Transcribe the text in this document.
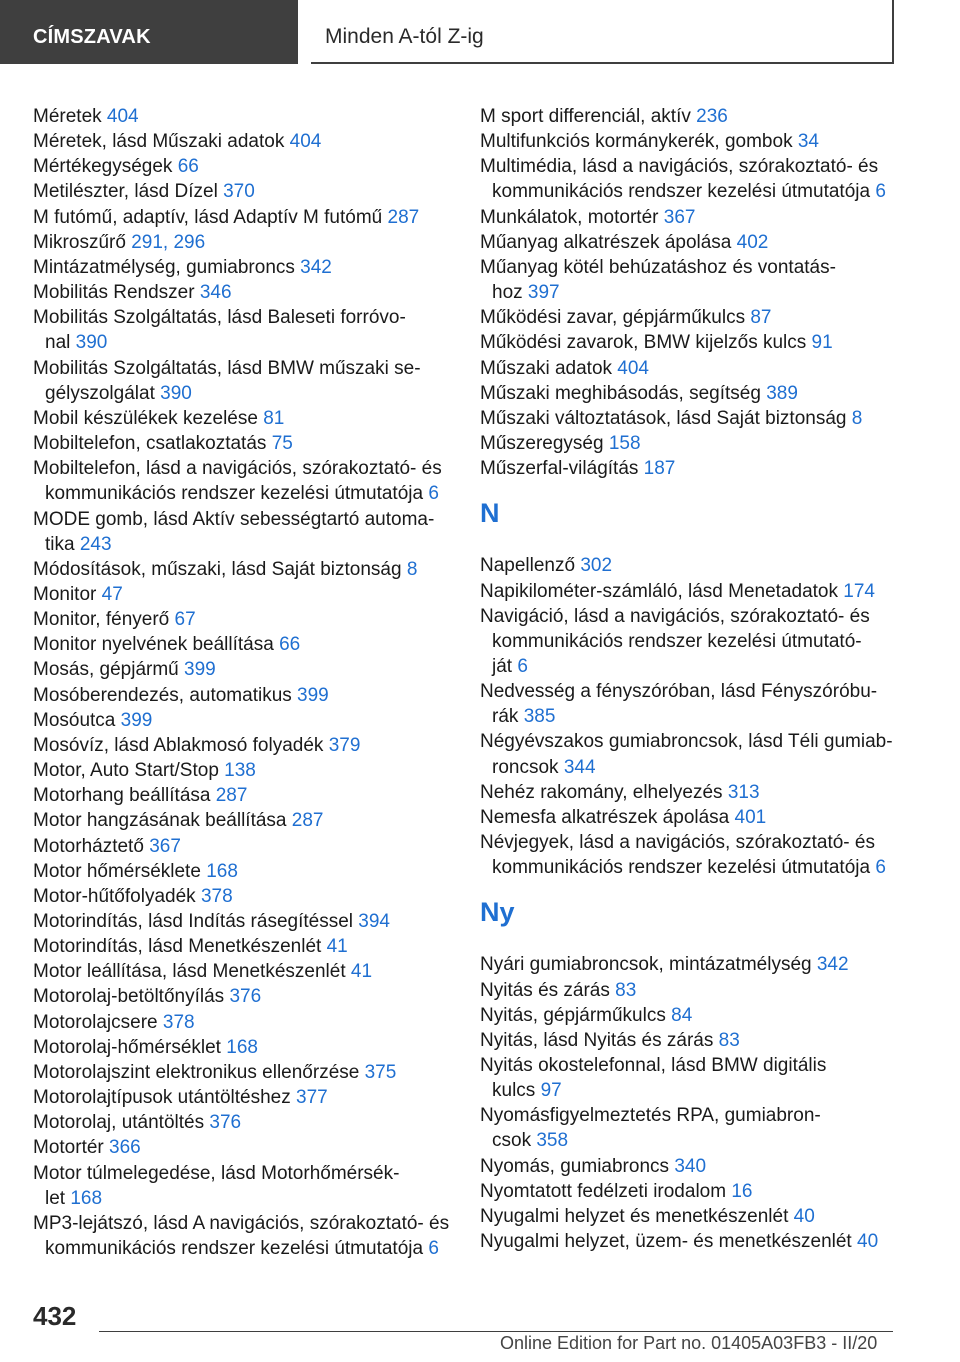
CÍMSZAVAK	Minden A-tól Z-ig
Méretek 404
Méretek, lásd Műszaki adatok 404
Mértékegységek 66
Metilészter, lásd Dízel 370
M futómű, adaptív, lásd Adaptív M futómű 287
Mikroszűrő 291, 296
Mintázatmélység, gumiabroncs 342
Mobilitás Rendszer 346
Mobilitás Szolgáltatás, lásd Baleseti forróvo‐
nal 390
Mobilitás Szolgáltatás, lásd BMW műszaki se‐
gélyszolgálat 390
Mobil készülékek kezelése 81
Mobiltelefon, csatlakoztatás 75
Mobiltelefon, lásd a navigációs, szórakoztató- és
kommunikációs rendszer kezelési útmutatója 6
MODE gomb, lásd Aktív sebességtartó automa‐
tika 243
Módosítások, műszaki, lásd Saját biztonság 8
Monitor 47
Monitor, fényerő 67
Monitor nyelvének beállítása 66
Mosás, gépjármű 399
Mosóberendezés, automatikus 399
Mosóutca 399
Mosóvíz, lásd Ablakmosó folyadék 379
Motor, Auto Start/Stop 138
Motorhang beállítása 287
Motor hangzásának beállítása 287
Motorháztető 367
Motor hőmérséklete 168
Motor-hűtőfolyadék 378
Motorindítás, lásd Indítás rásegítéssel 394
Motorindítás, lásd Menetkészenlét 41
Motor leállítása, lásd Menetkészenlét 41
Motorolaj-betöltőnyílás 376
Motorolajcsere 378
Motorolaj-hőmérséklet 168
Motorolajszint elektronikus ellenőrzése 375
Motorolajtípusok utántöltéshez 377
Motorolaj, utántöltés 376
Motortér 366
Motor túlmelegedése, lásd Motorhőmérsék‐
let 168
MP3-lejátszó, lásd A navigációs, szórakoztató- és
kommunikációs rendszer kezelési útmutatója 6
M sport differenciál, aktív 236
Multifunkciós kormánykerék, gombok 34
Multimédia, lásd a navigációs, szórakoztató- és
kommunikációs rendszer kezelési útmutatója 6
Munkálatok, motortér 367
Műanyag alkatrészek ápolása 402
Műanyag kötél behúzatáshoz és vontatás‐
hoz 397
Működési zavar, gépjárműkulcs 87
Működési zavarok, BMW kijelzős kulcs 91
Műszaki adatok 404
Műszaki meghibásodás, segítség 389
Műszaki változtatások, lásd Saját biztonság 8
Műszeregység 158
Műszerfal-világítás 187
N
Napellenző 302
Napikilométer-számláló, lásd Menetadatok 174
Navigáció, lásd a navigációs, szórakoztató- és
kommunikációs rendszer kezelési útmutató‐
ját 6
Nedvesség a fényszóróban, lásd Fényszóróbu‐
rák 385
Négyévszakos gumiabroncsok, lásd Téli gumiab‐
roncsok 344
Nehéz rakomány, elhelyezés 313
Nemesfa alkatrészek ápolása 401
Névjegyek, lásd a navigációs, szórakoztató- és
kommunikációs rendszer kezelési útmutatója 6
Ny
Nyári gumiabroncsok, mintázatmélység 342
Nyitás és zárás 83
Nyitás, gépjárműkulcs 84
Nyitás, lásd Nyitás és zárás 83
Nyitás okostelefonnal, lásd BMW digitális
kulcs 97
Nyomásfigyelmeztetés RPA, gumiabron‐
csok 358
Nyomás, gumiabroncs 340
Nyomtatott fedélzeti irodalom 16
Nyugalmi helyzet és menetkészenlét 40
Nyugalmi helyzet, üzem- és menetkészenlét 40
432
Online Edition for Part no. 01405A03FB3 - II/20
